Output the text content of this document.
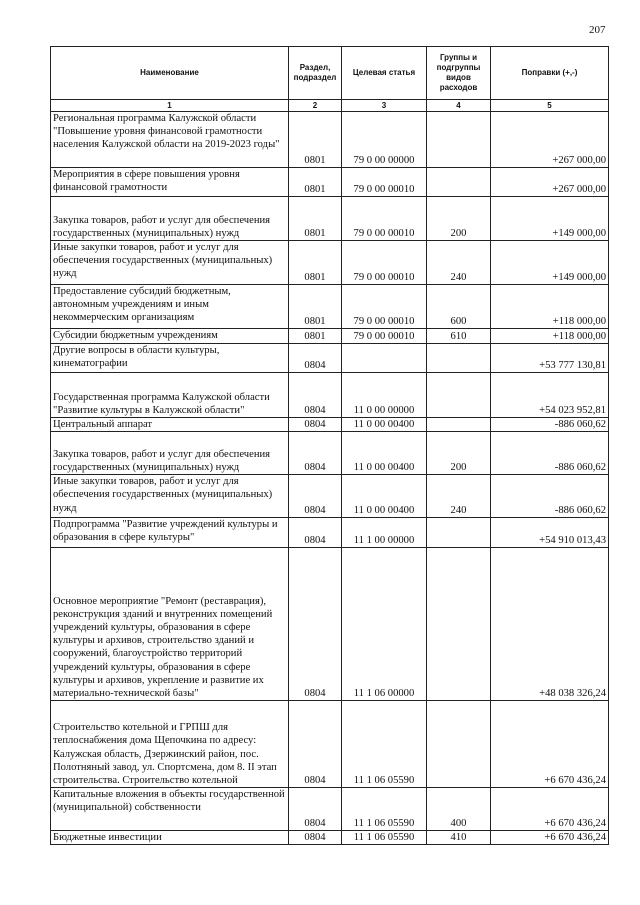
207
Наименование	Раздел, подраздел	Целевая статья	Группы и подгруппы видов расходов	Поправки (+,-)
1	2	3	4	5
Региональная программа Калужской области "Повышение уровня финансовой грамотности населения Калужской области на 2019-2023 годы"	0801	79 0 00 00000		+267 000,00
Мероприятия в сфере повышения уровня финансовой грамотности	0801	79 0 00 00010		+267 000,00
Закупка товаров, работ и услуг для обеспечения государственных (муниципальных) нужд	0801	79 0 00 00010	200	+149 000,00
Иные закупки товаров, работ и услуг для обеспечения государственных (муниципальных) нужд	0801	79 0 00 00010	240	+149 000,00
Предоставление субсидий бюджетным, автономным учреждениям и иным некоммерческим организациям	0801	79 0 00 00010	600	+118 000,00
Субсидии бюджетным учреждениям	0801	79 0 00 00010	610	+118 000,00
Другие вопросы в области культуры, кинематографии	0804			+53 777 130,81
Государственная программа Калужской области "Развитие культуры в Калужской области"	0804	11 0 00 00000		+54 023 952,81
Центральный аппарат	0804	11 0 00 00400		-886 060,62
Закупка товаров, работ и услуг для обеспечения государственных (муниципальных) нужд	0804	11 0 00 00400	200	-886 060,62
Иные закупки товаров, работ и услуг для обеспечения государственных (муниципальных) нужд	0804	11 0 00 00400	240	-886 060,62
Подпрограмма "Развитие учреждений культуры и образования в сфере культуры"	0804	11 1 00 00000		+54 910 013,43
Основное мероприятие "Ремонт (реставрация), реконструкция зданий и внутренних помещений учреждений культуры, образования в сфере культуры и архивов, строительство зданий и сооружений, благоустройство территорий учреждений культуры, образования в сфере культуры и архивов, укрепление и развитие их материально-технической базы"	0804	11 1 06 00000		+48 038 326,24
Строительство котельной и ГРПШ для теплоснабжения дома Щепочкина по адресу: Калужская область, Дзержинский район, пос. Полотняный завод, ул. Спортсмена, дом 8. II этап строительства. Строительство котельной	0804	11 1 06 05590		+6 670 436,24
Капитальные вложения в объекты государственной (муниципальной) собственности	0804	11 1 06 05590	400	+6 670 436,24
Бюджетные инвестиции	0804	11 1 06 05590	410	+6 670 436,24
